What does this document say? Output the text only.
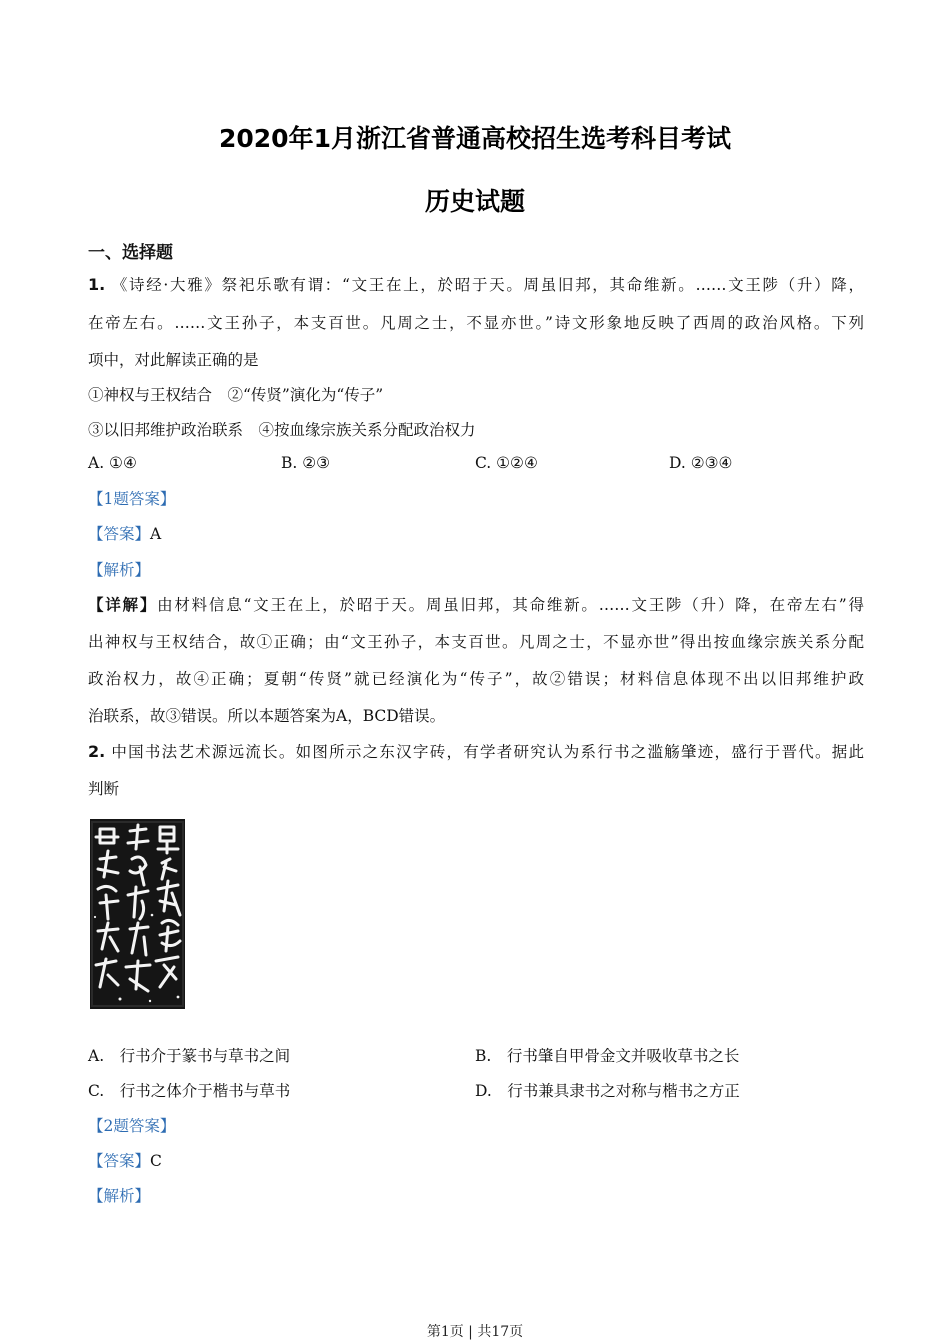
2020年1月浙江省普通高校招生选考科目考试
历史试题
一、选择题
1. 《诗经·大雅》祭祀乐歌有谓：“文王在上，於昭于天。周虽旧邦，其命维新。……文王陟（升）降，
在帝左右。……文王孙子，本支百世。凡周之士，不显亦世。”诗文形象地反映了西周的政治风格。下列
项中，对此解读正确的是
①神权与王权结合　②“传贤”演化为“传子”
③以旧邦维护政治联系　④按血缘宗族关系分配政治权力
A. ①④	B. ②③	C. ①②④	D. ②③④
【1题答案】
【答案】A
【解析】
【详解】由材料信息“文王在上，於昭于天。周虽旧邦，其命维新。……文王陟（升）降，在帝左右”得
出神权与王权结合，故①正确；由“文王孙子，本支百世。凡周之士，不显亦世”得出按血缘宗族关系分配
政治权力，故④正确；夏朝“传贤”就已经演化为“传子”，故②错误；材料信息体现不出以旧邦维护政
治联系，故③错误。所以本题答案为A，BCD错误。
2. 中国书法艺术源远流长。如图所示之东汉字砖，有学者研究认为系行书之滥觞肇迹，盛行于晋代。据此
判断
A.　行书介于篆书与草书之间	B.　行书肇自甲骨金文并吸收草书之长
C.　行书之体介于楷书与草书	D.　行书兼具隶书之对称与楷书之方正
【2题答案】
【答案】C
【解析】
第1页 | 共17页
